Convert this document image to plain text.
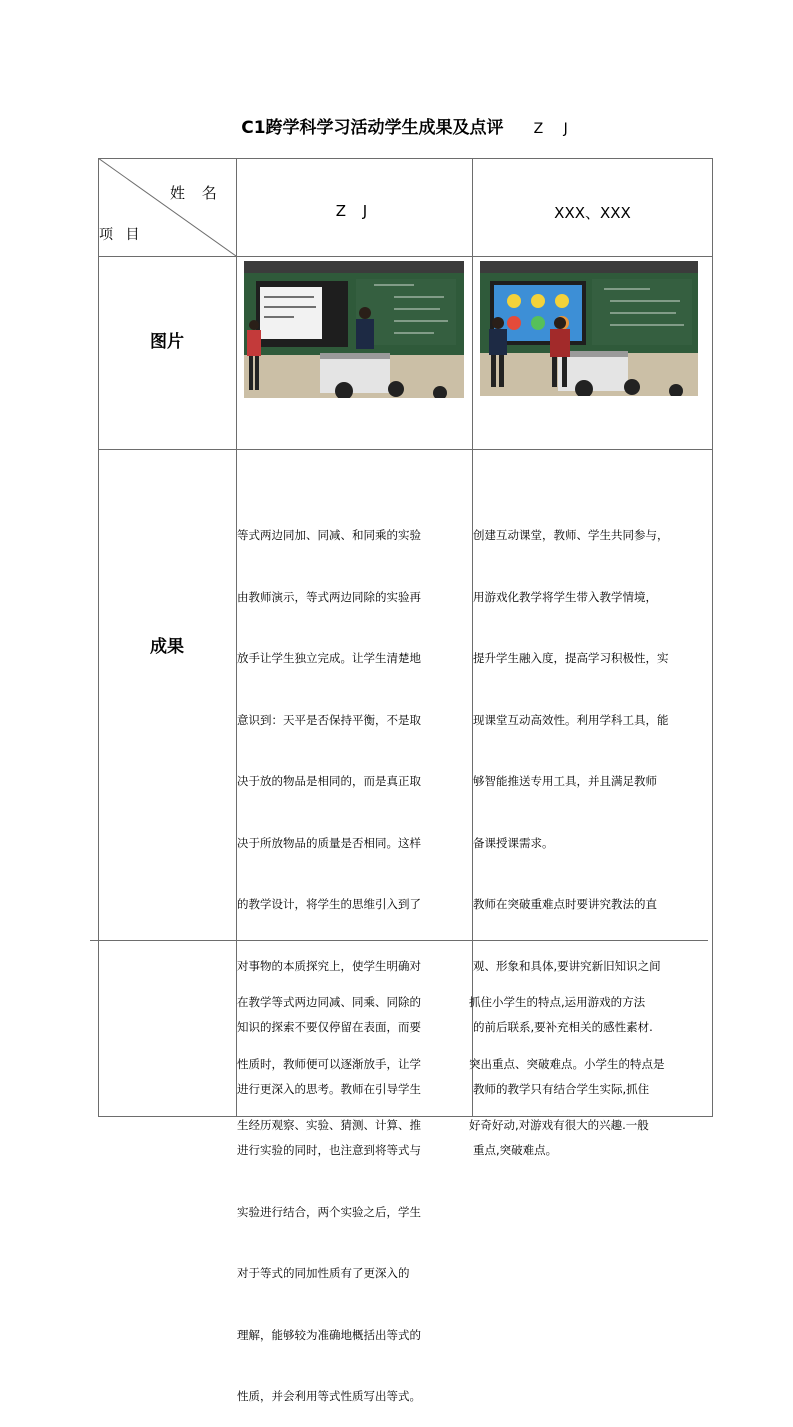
C1跨学科学习活动学生成果及点评 Z J
姓 名
项 目
Z J	XXX、XXX
图片
成果

等式两边同加、同减、和同乘的实验

由教师演示，等式两边同除的实验再

放手让学生独立完成。让学生清楚地

意识到：天平是否保持平衡，不是取

决于放的物品是相同的，而是真正取

决于所放物品的质量是否相同。这样

的教学设计，将学生的思维引入到了

对事物的本质探究上，使学生明确对

知识的探索不要仅停留在表面，而要

进行更深入的思考。教师在引导学生

进行实验的同时，也注意到将等式与

实验进行结合，两个实验之后，学生

对于等式的同加性质有了更深入的

理解，能够较为准确地概括出等式的

性质，并会利用等式性质写出等式。

创建互动课堂，教师、学生共同参与，

用游戏化教学将学生带入教学情境，

提升学生融入度，提高学习积极性，实

现课堂互动高效性。利用学科工具，能

够智能推送专用工具，并且满足教师

备课授课需求。

教师在突破重难点时要讲究教法的直

观、形象和具体,要讲究新旧知识之间

的前后联系,要补充相关的感性素材.

教师的教学只有结合学生实际,抓住

重点,突破难点。

在教学等式两边同减、同乘、同除的

性质时，教师便可以逐渐放手，让学

生经历观察、实验、猜测、计算、推

抓住小学生的特点,运用游戏的方法

突出重点、突破难点。小学生的特点是

好奇好动,对游戏有很大的兴趣.一般
